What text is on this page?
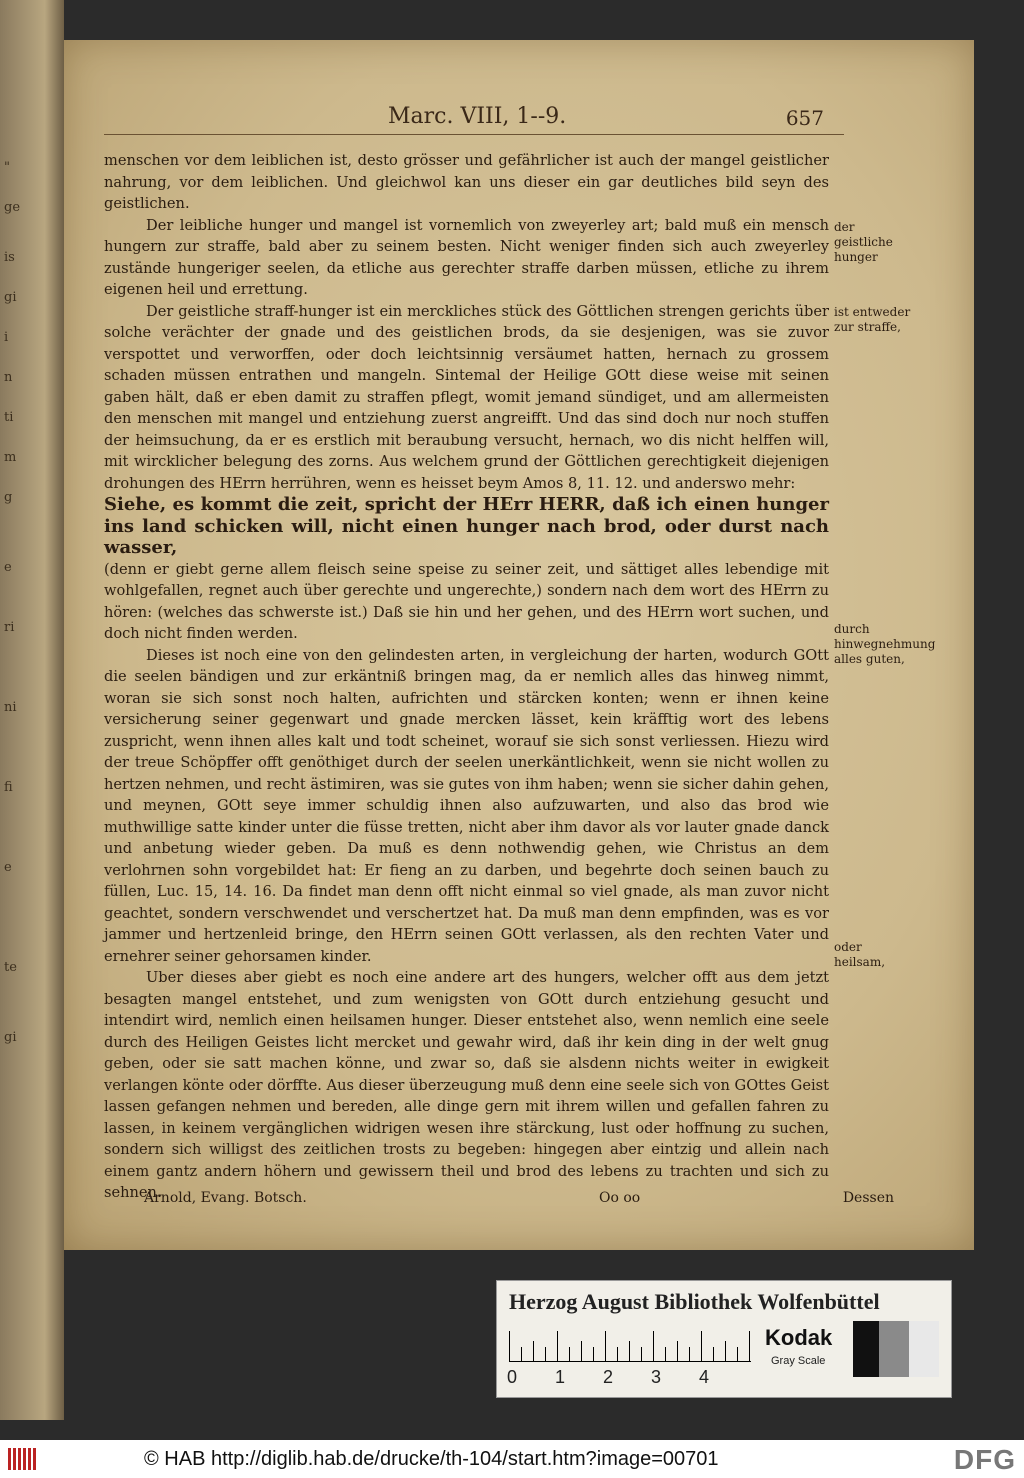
"
ge
is
gi
i
n
ti
m
g
e
ri
ni
fi
e
te
gi
Marc. VIII, 1--9.	657

menschen vor dem leiblichen ist, desto grösser und gefährlicher ist auch der mangel geistlicher nahrung, vor dem leiblichen. Und gleichwol kan uns dieser ein gar deutliches bild seyn des geistlichen.

Der leibliche hunger und mangel ist vornemlich von zweyerley art; bald muß ein mensch hungern zur straffe, bald aber zu seinem besten. Nicht weniger finden sich auch zweyerley zustände hungeriger seelen, da etliche aus gerechter straffe darben müssen, etliche zu ihrem eigenen heil und errettung.

Der geistliche straff-hunger ist ein merckliches stück des Göttlichen strengen gerichts über solche verächter der gnade und des geistlichen brods, da sie desjenigen, was sie zuvor verspottet und verworffen, oder doch leichtsinnig versäumet hatten, hernach zu grossem schaden müssen entrathen und mangeln. Sintemal der Heilige GOtt diese weise mit seinen gaben hält, daß er eben damit zu straffen pflegt, womit jemand sündiget, und am allermeisten den menschen mit mangel und entziehung zuerst angreifft. Und das sind doch nur noch stuffen der heimsuchung, da er es erstlich mit beraubung versucht, hernach, wo dis nicht helffen will, mit wircklicher belegung des zorns. Aus welchem grund der Göttlichen gerechtigkeit diejenigen drohungen des HErrn herrühren, wenn es heisset beym Amos 8, 11. 12. und anderswo mehr:

Siehe, es kommt die zeit, spricht der HErr HERR, daß ich einen hunger ins land schicken will, nicht einen hunger nach brod, oder durst nach wasser,

(denn er giebt gerne allem fleisch seine speise zu seiner zeit, und sättiget alles lebendige mit wohlgefallen, regnet auch über gerechte und ungerechte,) sondern nach dem wort des HErrn zu hören: (welches das schwerste ist.) Daß sie hin und her gehen, und des HErrn wort suchen, und doch nicht finden werden.

Dieses ist noch eine von den gelindesten arten, in vergleichung der harten, wodurch GOtt die seelen bändigen und zur erkäntniß bringen mag, da er nemlich alles das hinweg nimmt, woran sie sich sonst noch halten, aufrichten und stärcken konten; wenn er ihnen keine versicherung seiner gegenwart und gnade mercken lässet, kein kräfftig wort des lebens zuspricht, wenn ihnen alles kalt und todt scheinet, worauf sie sich sonst verliessen. Hiezu wird der treue Schöpffer offt genöthiget durch der seelen unerkäntlichkeit, wenn sie nicht wollen zu hertzen nehmen, und recht ästimiren, was sie gutes von ihm haben; wenn sie sicher dahin gehen, und meynen, GOtt seye immer schuldig ihnen also aufzuwarten, und also das brod wie muthwillige satte kinder unter die füsse tretten, nicht aber ihm davor als vor lauter gnade danck und anbetung wieder geben. Da muß es denn nothwendig gehen, wie Christus an dem verlohrnen sohn vorgebildet hat: Er fieng an zu darben, und begehrte doch seinen bauch zu füllen, Luc. 15, 14. 16. Da findet man denn offt nicht einmal so viel gnade, als man zuvor nicht geachtet, sondern verschwendet und verschertzet hat. Da muß man denn empfinden, was es vor jammer und hertzenleid bringe, den HErrn seinen GOtt verlassen, als den rechten Vater und ernehrer seiner gehorsamen kinder.

Uber dieses aber giebt es noch eine andere art des hungers, welcher offt aus dem jetzt besagten mangel entstehet, und zum wenigsten von GOtt durch entziehung gesucht und intendirt wird, nemlich einen heilsamen hunger. Dieser entstehet also, wenn nemlich eine seele durch des Heiligen Geistes licht mercket und gewahr wird, daß ihr kein ding in der welt gnug geben, oder sie satt machen könne, und zwar so, daß sie alsdenn nichts weiter in ewigkeit verlangen könte oder dörffte. Aus dieser überzeugung muß denn eine seele sich von GOttes Geist lassen gefangen nehmen und bereden, alle dinge gern mit ihrem willen und gefallen fahren zu lassen, in keinem vergänglichen widrigen wesen ihre stärckung, lust oder hoffnung zu suchen, sondern sich willigst des zeitlichen trosts zu begeben: hingegen aber eintzig und allein nach einem gantz andern höhern und gewissern theil und brod des lebens zu trachten und sich zu sehnen.

der geistliche hunger
ist entweder zur straffe,
durch hinwegnehmung alles guten,
oder heilsam,
Arnold, Evang. Botsch.	Oo oo	Dessen
Herzog August Bibliothek Wolfenbüttel
0 1 2 3 4
Kodak
Gray Scale
© HAB http://diglib.hab.de/drucke/th-104/start.htm?image=00701	DFG
